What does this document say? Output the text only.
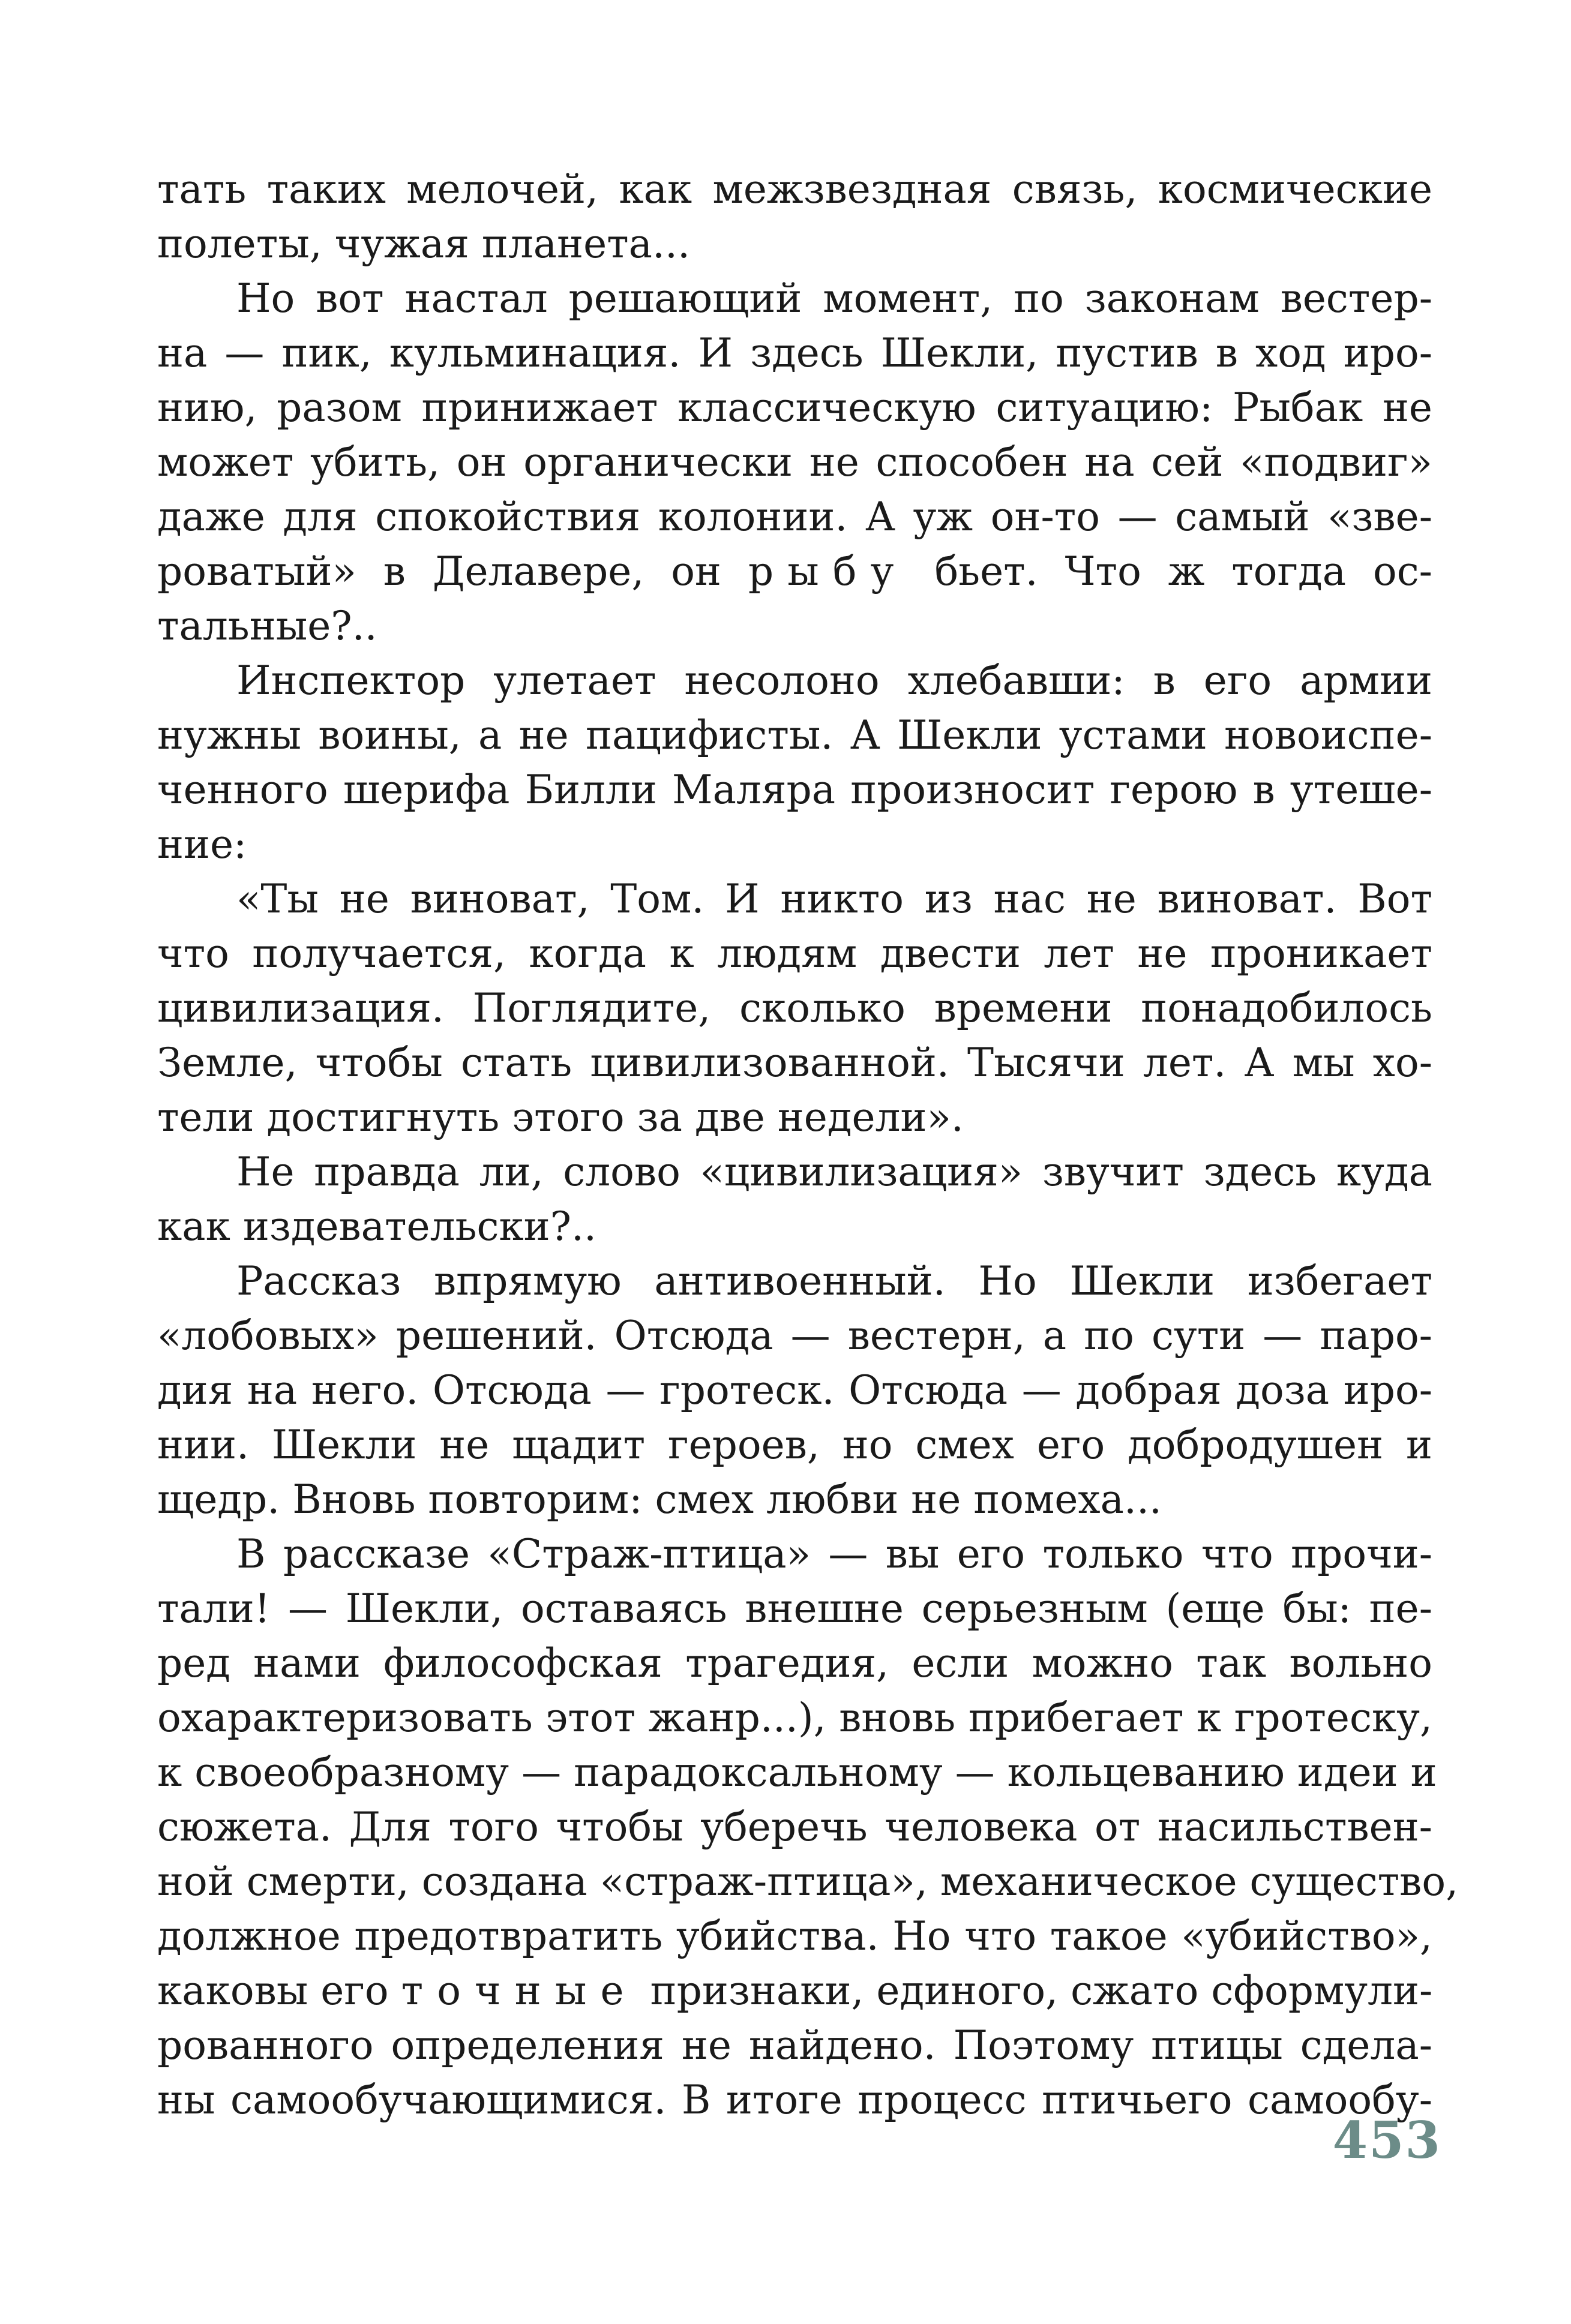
тать таких мелочей, как межзвездная связь, космические
полеты, чужая планета...
Но вот настал решающий момент, по законам вестер-
на — пик, кульминация. И здесь Шекли, пустив в ход иро-
нию, разом принижает классическую ситуацию: Рыбак не
может убить, он органически не способен на сей «подвиг»
даже для спокойствия колонии. А уж он-то — самый «зве-
роватый» в Делавере, он рыбу бьет. Что ж тогда ос-
тальные?..
Инспектор улетает несолоно хлебавши: в его армии
нужны воины, а не пацифисты. А Шекли устами новоиспе-
ченного шерифа Билли Маляра произносит герою в утеше-
ние:
«Ты не виноват, Том. И никто из нас не виноват. Вот
что получается, когда к людям двести лет не проникает
цивилизация. Поглядите, сколько времени понадобилось
Земле, чтобы стать цивилизованной. Тысячи лет. А мы хо-
тели достигнуть этого за две недели».
Не правда ли, слово «цивилизация» звучит здесь куда
как издевательски?..
Рассказ впрямую антивоенный. Но Шекли избегает
«лобовых» решений. Отсюда — вестерн, а по сути — паро-
дия на него. Отсюда — гротеск. Отсюда — добрая доза иро-
нии. Шекли не щадит героев, но смех его добродушен и
щедр. Вновь повторим: смех любви не помеха...
В рассказе «Страж-птица» — вы его только что прочи-
тали! — Шекли, оставаясь внешне серьезным (еще бы: пе-
ред нами философская трагедия, если можно так вольно
охарактеризовать этот жанр...), вновь прибегает к гротеску,
к своеобразному — парадоксальному — кольцеванию идеи и
сюжета. Для того чтобы уберечь человека от насильствен-
ной смерти, создана «страж-птица», механическое существо,
должное предотвратить убийства. Но что такое «убийство»,
каковы его точные признаки, единого, сжато сформули-
рованного определения не найдено. Поэтому птицы сдела-
ны самообучающимися. В итоге процесс птичьего самообу-
453
